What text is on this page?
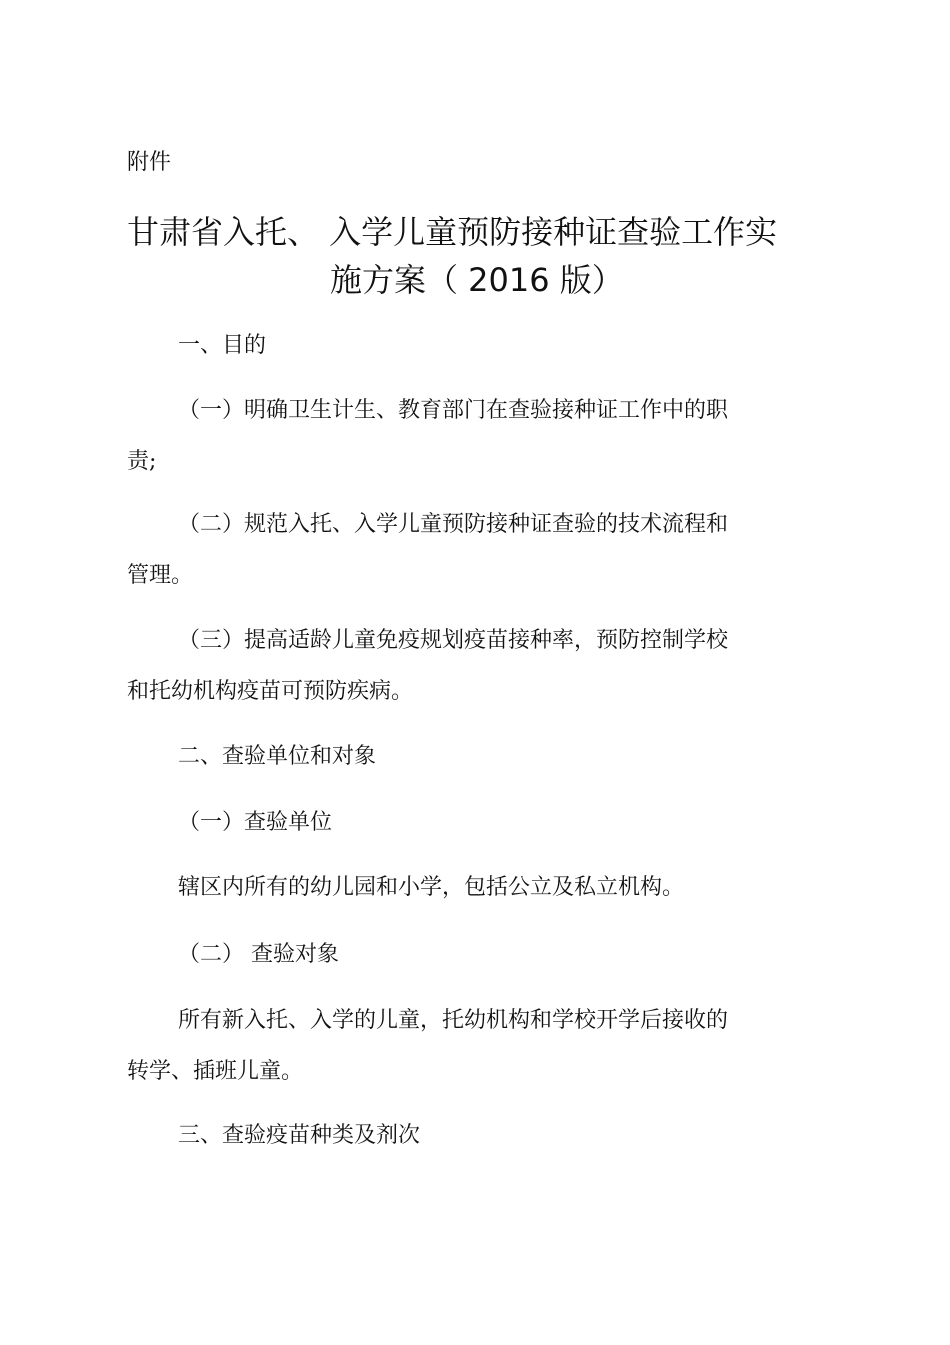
附件
甘肃省入托、 入学儿童预防接种证查验工作实
施方案（ 2016 版）
一、目的
（一）明确卫生计生、教育部门在查验接种证工作中的职
责;
（二）规范入托、入学儿童预防接种证查验的技术流程和
管理。
（三）提高适龄儿童免疫规划疫苗接种率，预防控制学校
和托幼机构疫苗可预防疾病。
二、查验单位和对象
（一）查验单位
辖区内所有的幼儿园和小学，包括公立及私立机构。
（二） 查验对象
所有新入托、入学的儿童，托幼机构和学校开学后接收的
转学、插班儿童。
三、查验疫苗种类及剂次
